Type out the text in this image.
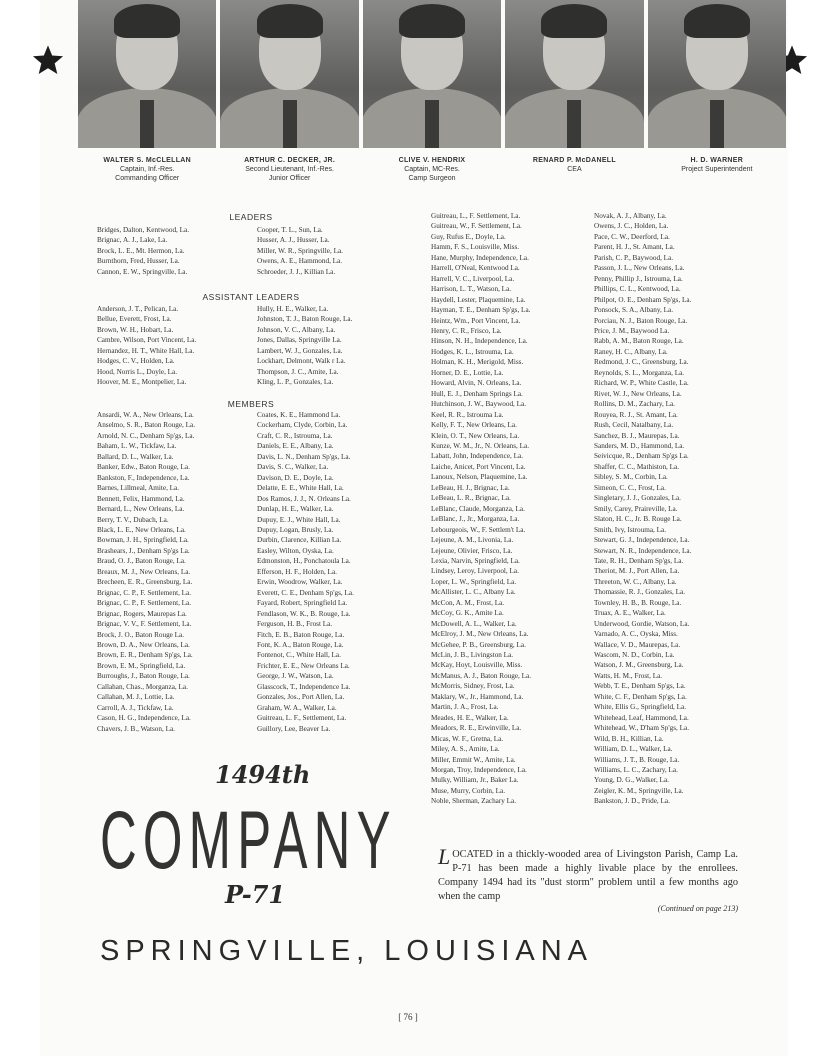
WALTER S. McCLELLAN
Captain, Inf.-Res.
Commanding Officer
ARTHUR C. DECKER, JR.
Second Lieutenant, Inf.-Res.
Junior Officer
CLIVE V. HENDRIX
Captain, MC-Res.
Camp Surgeon
RENARD P. McDANELL
CEA
H. D. WARNER
Project Superintendent
LEADERS
Bridges, Dalton, Kentwood, La.
Brignac, A. J., Lake, La.
Brock, L. E., Mt. Hermon, La.
Burnthorn, Fred, Husser, La.
Cannon, E. W., Springville, La.
Cooper, T. L., Sun, La.
Husser, A. J., Husser, La.
Miller, W. R., Springville, La.
Owens, A. E., Hammond, La.
Schroeder, J. J., Killian La.
ASSISTANT LEADERS
Anderson, J. T., Pelican, La.
Bellue, Everett, Frost, La.
Brown, W. H., Hobart, La.
Cambre, Wilson, Port Vincent, La.
Hernandez, H. T., White Hall, La.
Hodges, C. V., Holden, La.
Hood, Norris L., Doyle, La.
Hoover, M. E., Montpelier, La.
Hully, H. E., Walker, La.
Johnston, T. J., Baton Rouge, La.
Johnson, V. C., Albany, La.
Jones, Dallas, Springville La.
Lambert, W. J., Gonzales, La.
Lockhart, Delmont, Walk r La.
Thompson, J. C., Amite, La.
Kling, L. P., Gonzales, La.
MEMBERS
Ansardi, W. A., New Orleans, La.
Anselmo, S. R., Baton Rouge, La.
Arnold, N. C., Denham Sp'gs, La.
Baham, L. W., Tickfaw, La.
Ballard, D. L., Walker, La.
Banker, Edw., Baton Rouge, La.
Bankston, F., Independence, La.
Barnes, Lillmeal, Amite, La.
Bennett, Felix, Hammond, La.
Bernard, L., New Orleans, La.
Berry, T. V., Dubach, La.
Black, L. E., New Orleans, La.
Bowman, J. H., Springfield, La.
Brashears, J., Denham Sp'gs La.
Braud, O. J., Baton Rouge, La.
Breaux, M. J., New Orleans, La.
Brecheen, E. R., Greensburg, La.
Brignac, C. P., F. Settlement, La.
Brignac, C. P., F. Settlement, La.
Brignac, Rogers, Maurepas La.
Brignac, V. V., F. Settlement, La.
Brock, J. O., Baton Rouge La.
Brown, D. A., New Orleans, La.
Brown, E. R., Denham Sp'gs, La.
Brown, E. M., Springfield, La.
Burroughs, J., Baton Rouge, La.
Callahan, Chas., Morganza, La.
Callahan, M. J., Lottie, La.
Carroll, A. J., Tickfaw, La.
Cason, H. G., Independence, La.
Chavers, J. B., Watson, La.
Coates, K. E., Hammond La.
Cockerham, Clyde, Corbin, La.
Craft, C. R., Istrouma, La.
Daniels, E. E., Albany, La.
Davis, L. N., Denham Sp'gs, La.
Davis, S. C., Walker, La.
Davison, D. E., Doyle, La.
Delatte, E. E., White Hall, La.
Dos Ramos, J. J., N. Orleans La.
Dunlap, H. E., Walker, La.
Dupuy, E. J., White Hall, La.
Dupuy, Logan, Brusly, La.
Durbin, Clarence, Killian La.
Easley, Wilton, Oyska, La.
Edmonston, H., Ponchatoula La.
Efferson, H. F., Holden, La.
Erwin, Woodrow, Walker, La.
Everett, C. E., Denham Sp'gs, La.
Fayard, Robert, Springfield La.
Fendlason, W. K., B. Rouge, La.
Ferguson, H. B., Frost La.
Fitch, E. B., Baton Rouge, La.
Font, K. A., Baton Rouge, La.
Fontenot, C., White Hall, La.
Frichter, E. E., New Orleans La.
George, J. W., Watson, La.
Glasscock, T., Independence La.
Gonzales, Jos., Port Allen, La.
Graham, W. A., Walker, La.
Guitreau, L. F., Settlement, La.
Guillory, Lee, Beaver La.
Guitreau, L., F. Settlement, La.
Guitreau, W., F. Settlement, La.
Guy, Rufus E., Doyle, La.
Hamm, F. S., Louisville, Miss.
Hane, Murphy, Independence, La.
Harrell, O'Neal, Kentwood La.
Harrell, V. C., Liverpool, La.
Harrison, L. T., Watson, La.
Haydell, Lester, Plaquemine, La.
Hayman, T. E., Denham Sp'gs, La.
Heintz, Wm., Port Vincent, La.
Henry, C. R., Frisco, La.
Hinson, N. H., Independence, La.
Hodges, K. L., Istrouma, La.
Holman, K. H., Merigold, Miss.
Horner, D. E., Lottie, La.
Howard, Alvin, N. Orleans, La.
Hull, E. J., Denham Springs La.
Hutchinson, J. W., Baywood, La.
Keel, R. R., Istrouma La.
Kelly, F. T., New Orleans, La.
Klein, O. T., New Orleans, La.
Kunze, W. M., Jr., N. Orleans, La.
Labatt, John, Independence, La.
Laiche, Anicet, Port Vincent, La.
Lanoux, Nelson, Plaquemine, La.
LeBeau, H. J., Brignac, La.
LeBeau, L. R., Brignac, La.
LeBlanc, Claude, Morganza, La.
LeBlanc, J., Jr., Morganza, La.
Lebourgeois, W., F. Settlem't La.
Lejeune, A. M., Livonia, La.
Lejeune, Olivier, Frisco, La.
Lexia, Narvin, Springfield, La.
Lindsey, Leroy, Liverpool, La.
Loper, L. W., Springfield, La.
McAllister, L. C., Albany La.
McCon, A. M., Frost, La.
McCoy, G. K., Amite La.
McDowell, A. L., Walker, La.
McElroy, J. M., New Orleans, La.
McGehee, P. B., Greensburg, La.
McLin, J. B., Livingston La.
McKay, Hoyt, Louisville, Miss.
McManus, A. J., Baton Rouge, La.
McMorris, Sidney, Frost, La.
Maklary, W., Jr., Hammond, La.
Martin, J. A., Frost, La.
Meades, H. E., Walker, La.
Meadors, R. E., Erwinville, La.
Micas, W. F., Gretna, La.
Miley, A. S., Amite, La.
Miller, Emmit W., Amite, La.
Morgan, Troy, Independence, La.
Mulky, William, Jr., Baker La.
Muse, Murry, Corbin, La.
Noble, Sherman, Zachary La.
Novak, A. J., Albany, La.
Owens, J. C., Holden, La.
Pace, C. W., Deerford, La.
Parent, H. J., St. Amant, La.
Parish, C. P., Baywood, La.
Passon, J. L., New Orleans, La.
Penny, Phillip J., Istrouma, La.
Phillips, C. L., Kentwood, La.
Philpot, O. E., Denham Sp'gs, La.
Ponsock, S. A., Albany, La.
Porciau, N. J., Baton Rouge, La.
Price, J. M., Baywood La.
Rabb, A. M., Baton Rouge, La.
Raney, H. C., Albany, La.
Redmond, J. C., Greensburg, La.
Reynolds, S. L., Morganza, La.
Richard, W. P., White Castle, La.
Rivet, W. J., New Orleans, La.
Rollins, D. M., Zachary, La.
Rouyea, R. J., St. Amant, La.
Rush, Cecil, Natalbany, La.
Sanchez, B. J., Maurepas, La.
Sanders, M. D., Hammond, La.
Seivicque, R., Denham Sp'gs La.
Shaffer, C. C., Mathiston, La.
Sibley, S. M., Corbin, La.
Simeon, C. C., Frost, La.
Singletary, J. J., Gonzales, La.
Smily, Carey, Praireville, La.
Slaton, H. C., Jr. B. Rouge La.
Smith, Ivy, Istrouma, La.
Stewart, G. J., Independence, La.
Stewart, N. R., Independence, La.
Tate, R. H., Denham Sp'gs, La.
Theriot, M. J., Port Allen, La.
Threeton, W. C., Albany, La.
Thomassie, R. J., Gonzales, La.
Townley, H. B., B. Rouge, La.
Truax, A. E., Walker, La.
Underwood, Gordie, Watson, La.
Varnado, A. C., Oyska, Miss.
Wallace, V. D., Maurepas, La.
Wascom, N. D., Corbin, La.
Watson, J. M., Greensburg, La.
Watts, H. M., Frost, La.
Webb, T. E., Denham Sp'gs, La.
White, C. F., Denham Sp'gs, La.
White, Ellis G., Springfield, La.
Whitehead, Leaf, Hammond, La.
Whitehead, W., D'ham Sp'gs, La.
Wild, B. H., Killian, La.
William, D. L., Walker, La.
Williams, J. T., B. Rouge, La.
Williams, L. C., Zachary, La.
Young, D. G., Walker, La.
Zeigler, K. M., Springville, La.
Bankston, J. D., Pride, La.
1494th
COMPANY
P-71
LOCATED in a thickly-wooded area of Livingston Parish, Camp La. P-71 has been made a highly livable place by the enrollees. Company 1494 had its "dust storm" problem until a few months ago when the camp
(Continued on page 213)
SPRINGVILLE, LOUISIANA
[ 76 ]
